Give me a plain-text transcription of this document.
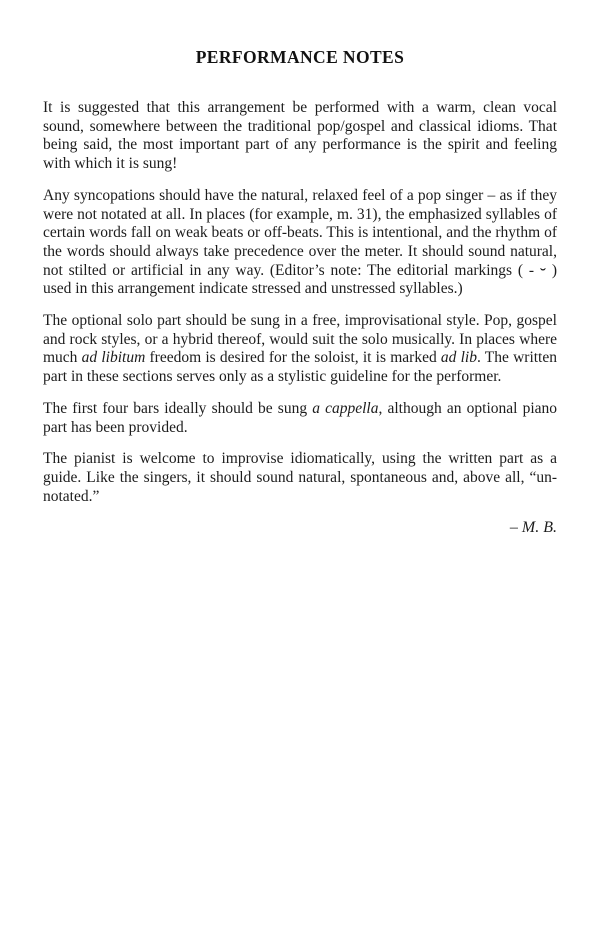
PERFORMANCE NOTES

It is suggested that this arrangement be performed with a warm, clean vocal sound, somewhere between the traditional pop/gospel and classical idioms. That being said, the most important part of any performance is the spirit and feeling with which it is sung!

Any syncopations should have the natural, relaxed feel of a pop singer – as if they were not notated at all. In places (for example, m. 31), the emphasized syllables of certain words fall on weak beats or off-beats. This is intentional, and the rhythm of the words should always take precedence over the meter. It should sound natural, not stilted or artificial in any way. (Editor’s note: The editorial markings ( - ˘ ) used in this arrangement indicate stressed and unstressed syllables.)

The optional solo part should be sung in a free, improvisational style. Pop, gospel and rock styles, or a hybrid thereof, would suit the solo musically. In places where much ad libitum freedom is desired for the soloist, it is marked ad lib. The written part in these sections serves only as a stylistic guideline for the performer.

The first four bars ideally should be sung a cappella, although an optional piano part has been provided.

The pianist is welcome to improvise idiomatically, using the written part as a guide. Like the singers, it should sound natural, spontaneous and, above all, “un-notated.”

– M. B.
